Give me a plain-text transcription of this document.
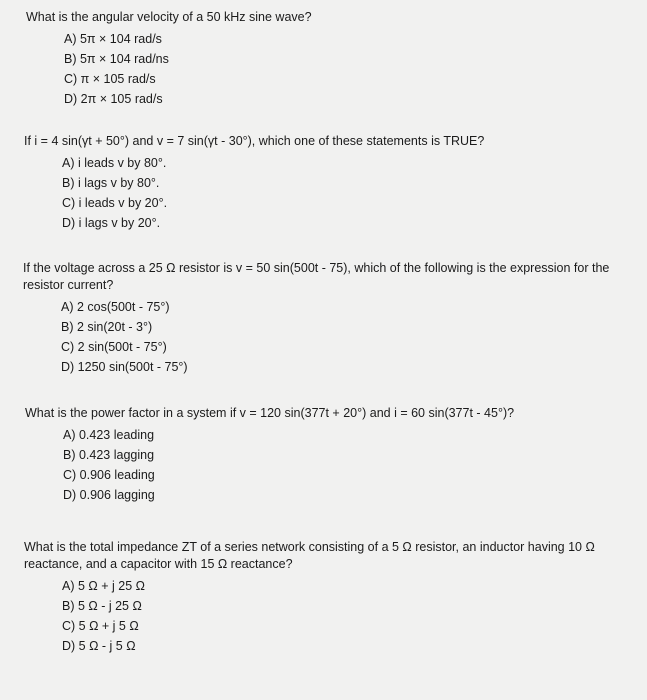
What is the angular velocity of a 50 kHz sine wave?

A) 5π × 104 rad/s
B) 5π × 104 rad/ns
C) π × 105 rad/s
D) 2π × 105 rad/s

If i = 4 sin(γt + 50°) and v = 7 sin(γt - 30°), which one of these statements is TRUE?

A) i leads v by 80°.
B) i lags v by 80°.
C) i leads v by 20°.
D) i lags v by 20°.

If the voltage across a 25 Ω resistor is v = 50 sin(500t - 75), which of the following is the expression for the resistor current?

A) 2 cos(500t - 75°)
B) 2 sin(20t - 3°)
C) 2 sin(500t - 75°)
D) 1250 sin(500t - 75°)

What is the power factor in a system if v = 120 sin(377t + 20°) and i = 60 sin(377t - 45°)?

A) 0.423 leading
B) 0.423 lagging
C) 0.906 leading
D) 0.906 lagging

What is the total impedance ZT of a series network consisting of a 5 Ω resistor, an inductor having 10 Ω reactance, and a capacitor with 15 Ω reactance?

A) 5 Ω + j 25 Ω
B) 5 Ω - j 25 Ω
C) 5 Ω + j 5 Ω
D) 5 Ω - j 5 Ω
